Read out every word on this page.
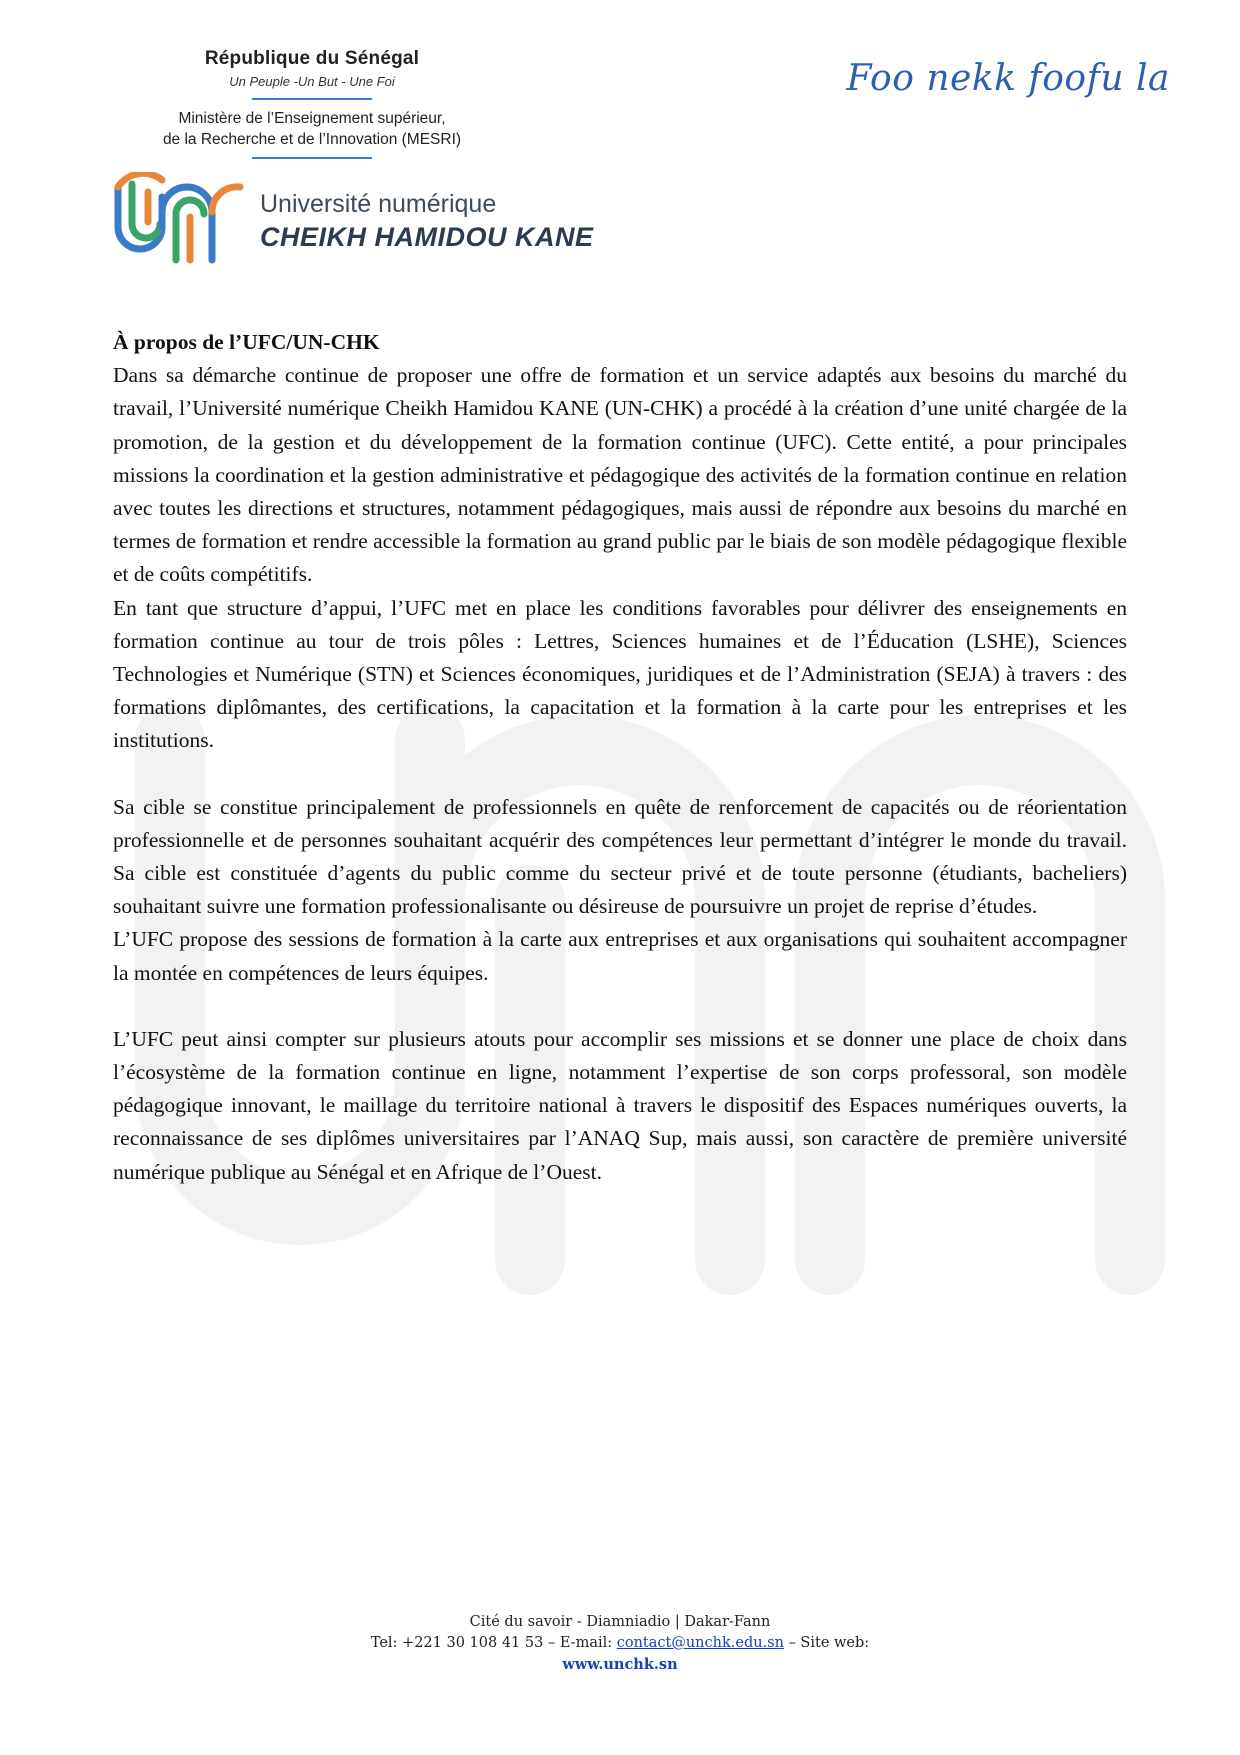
République du Sénégal
Un Peuple -Un But - Une Foi
Ministère de l’Enseignement supérieur,
de la Recherche et de l’Innovation (MESRI)
Université numérique
CHEIKH HAMIDOU KANE
Foo nekk foofu la
À propos de l’UFC/UN-CHK

Dans sa démarche continue de proposer une offre de formation et un service adaptés aux besoins du marché du travail, l’Université numérique Cheikh Hamidou KANE (UN-CHK) a procédé à la création d’une unité chargée de la promotion, de la gestion et du développement de la formation continue (UFC). Cette entité, a pour principales missions la coordination et la gestion administrative et pédagogique des activités de la formation continue en relation avec toutes les directions et structures, notamment pédagogiques, mais aussi de répondre aux besoins du marché en termes de formation et rendre accessible la formation au grand public par le biais de son modèle pédagogique flexible et de coûts compétitifs.

En tant que structure d’appui, l’UFC met en place les conditions favorables pour délivrer des enseignements en formation continue au tour de trois pôles : Lettres, Sciences humaines et de l’Éducation (LSHE), Sciences Technologies et Numérique (STN) et Sciences économiques, juridiques et de l’Administration (SEJA) à travers : des formations diplômantes, des certifications, la capacitation et la formation à la carte pour les entreprises et les institutions.

Sa cible se constitue principalement de professionnels en quête de renforcement de capacités ou de réorientation professionnelle et de personnes souhaitant acquérir des compétences leur permettant d’intégrer le monde du travail. Sa cible est constituée d’agents du public comme du secteur privé et de toute personne (étudiants, bacheliers) souhaitant suivre une formation professionalisante ou désireuse de poursuivre un projet de reprise d’études.

L’UFC propose des sessions de formation à la carte aux entreprises et aux organisations qui souhaitent accompagner la montée en compétences de leurs équipes.

L’UFC peut ainsi compter sur plusieurs atouts pour accomplir ses missions et se donner une place de choix dans l’écosystème de la formation continue en ligne, notamment l’expertise de son corps professoral, son modèle pédagogique innovant, le maillage du territoire national à travers le dispositif des Espaces numériques ouverts, la reconnaissance de ses diplômes universitaires par l’ANAQ Sup, mais aussi, son caractère de première université numérique publique au Sénégal et en Afrique de l’Ouest.

Cité du savoir - Diamniadio | Dakar-Fann
Tel: +221 30 108 41 53 – E-mail: contact@unchk.edu.sn – Site web:
www.unchk.sn
